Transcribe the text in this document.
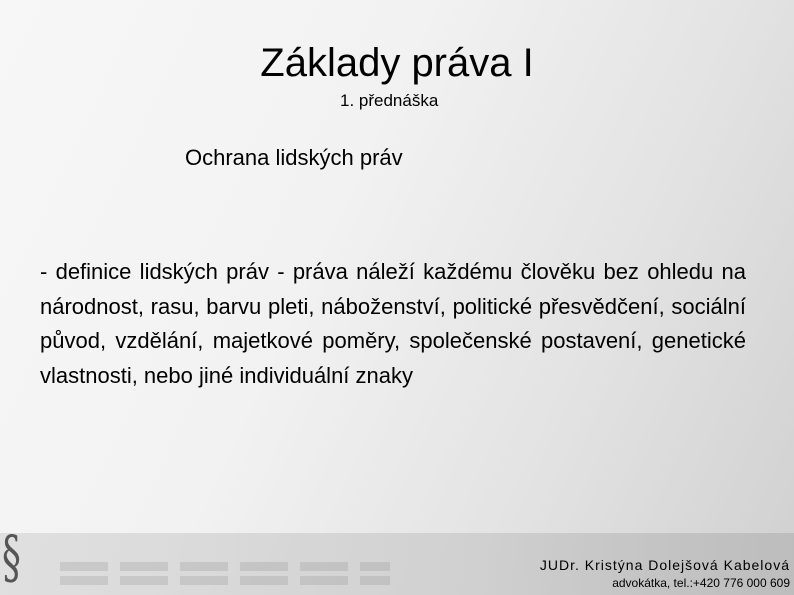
Základy práva I
1. přednáška
Ochrana lidských práv
- definice lidských práv - práva náleží každému člověku bez ohledu na národnost, rasu, barvu pleti, náboženství, politické přesvědčení, sociální původ, vzdělání, majetkové poměry, společenské postavení, genetické vlastnosti, nebo jiné individuální znaky
§	JUDr. Kristýna Dolejšová Kabelová
advokátka, tel.:+420 776 000 609
